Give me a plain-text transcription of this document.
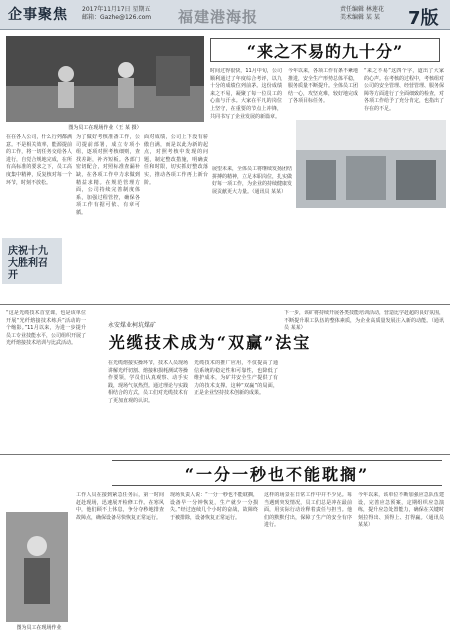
企事聚焦 2017年11月17日 星期五
邮箱：Gazhe@126.com 福建港海报	责任编辑 林莲花
美术编辑 某 某	7版
图为员工在现场作业（王 某 摄）
“来之不易的九十分”
时间过得很快，11月中旬，公司顺利通过了年度综合考评，以九十分的成绩位列前茅。这份成绩来之不易，凝聚了每一位员工的心血与汗水。大家在平凡的岗位上坚守，在重要的节点上冲锋，共同书写了企业发展的新篇章。
今年以来，各项工作有条不紊地推进，安全生产形势总体平稳，服务质量不断提升。全体员工团结一心，攻坚克难，较好地完成了各项目标任务。
“来之不易”这四个字，道出了大家的心声。在考核的过程中，考核组对公司的安全管理、经营管理、服务保障等方面进行了全面细致的检查，对各项工作给予了充分肯定，也指出了存在的不足。
在在各人公司，什么行列都满意。不是相关效率，能源提前的工作，将一切任务交给各人进行，自觉合规地完成，在所有高标准的要求之下，员工高度集中精神，反复核对每一个环节，时刻不放松。
为了做好考核准备工作，公司提前部署，成立专项小组，逐项对照考核细则，查找差距，补齐短板。各部门密切配合，对照标准查漏补缺，在各项工作中力求做到精益求精。在规范管理方面，公司持续完善制度体系，加强过程管控，确保各项工作有据可依、有章可循。
面对成绩，公司上下没有骄傲自满，而是以此为新的起点，对照考核中发现的问题，制定整改措施，明确责任和时限，切实抓好整改落实，推动各项工作再上新台阶。
展望未来，全体员工将继续发扬团结拼搏的精神，立足本职岗位，扎实做好每一项工作，为企业的持续健康发展贡献更大力量。（通讯员 某某）
庆祝十九大胜利召开
“这是光缆技术首堂课，也是该单位开展“光纤熔接技术练兵”活动的一个缩影。”11月以来，为进一步提升员工专业技能水平，公司组织开展了光纤熔接技术培训与比武活动。
永安煤业柯坑煤矿
光缆技术成为“双赢”法宝
在光缆熔接实操环节，技术人员现场讲解光纤切割、熔接和损耗测试等操作要领，学员们认真观察、动手实践，现场气氛热烈。通过理论与实践相结合的方式，员工们对光缆技术有了更加直观的认识。
光缆技术的推广应用，不仅提高了通信系统的稳定性和可靠性，也降低了维护成本，为矿井安全生产提供了有力的技术支撑。这种“双赢”的局面，正是企业坚持技术创新的成果。
下一步，该矿将持续开展各类技能培训活动，营造比学赶超的良好氛围，不断提升职工队伍的整体素质，为企业高质量发展注入新的动能。（通讯员 某某）
“一分一秒也不能耽搁”
图为员工在现场作业
工作人员在接到紧急任务后，第一时间赶赴现场，迅速展开检修工作。在寒风中，他们顾不上休息，争分夺秒地排查故障点，确保设备尽快恢复正常运行。
现场负责人说：“一分一秒也不能耽搁，设备早一分钟恢复，生产就少一分损失。”经过连续几个小时的奋战，故障终于被排除，设备恢复正常运行。
这样的场景在日常工作中并不少见。每当遇到突发情况，员工们总是冲在最前面，用实际行动诠释着责任与担当。他们的默默付出，保障了生产的安全有序进行。
今年以来，该单位不断加强应急队伍建设，完善应急预案，定期组织应急演练，提升应急处置能力，确保在关键时刻拉得出、顶得上、打得赢。（通讯员 某某）
